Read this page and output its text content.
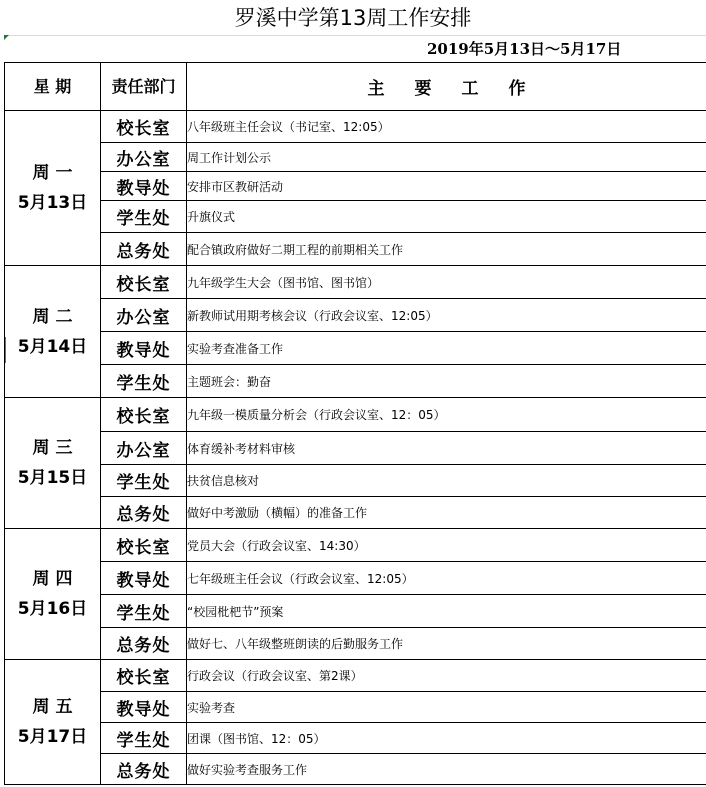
罗溪中学第13周工作安排
2019年5月13日～5月17日
星 期	责任部门	主要工作

周 一
5月13日	校长室	八年级班主任会议（书记室、12:05）
	办公室	周工作计划公示
	教导处	安排市区教研活动
	学生处	升旗仪式
	总务处	配合镇政府做好二期工程的前期相关工作

周 二
5月14日	校长室	九年级学生大会（图书馆、图书馆）
	办公室	新教师试用期考核会议（行政会议室、12:05）
	教导处	实验考查准备工作
	学生处	主题班会：勤奋

周 三
5月15日	校长室	九年级一模质量分析会（行政会议室、12：05）
	办公室	体育缓补考材料审核
	学生处	扶贫信息核对
	总务处	做好中考激励（横幅）的准备工作

周 四
5月16日	校长室	党员大会（行政会议室、14:30）
	教导处	七年级班主任会议（行政会议室、12:05）
	学生处	“校园枇杷节”预案
	总务处	做好七、八年级整班朗读的后勤服务工作

周 五
5月17日	校长室	行政会议（行政会议室、第2课）
	教导处	实验考查
	学生处	团课（图书馆、12：05）
	总务处	做好实验考查服务工作
